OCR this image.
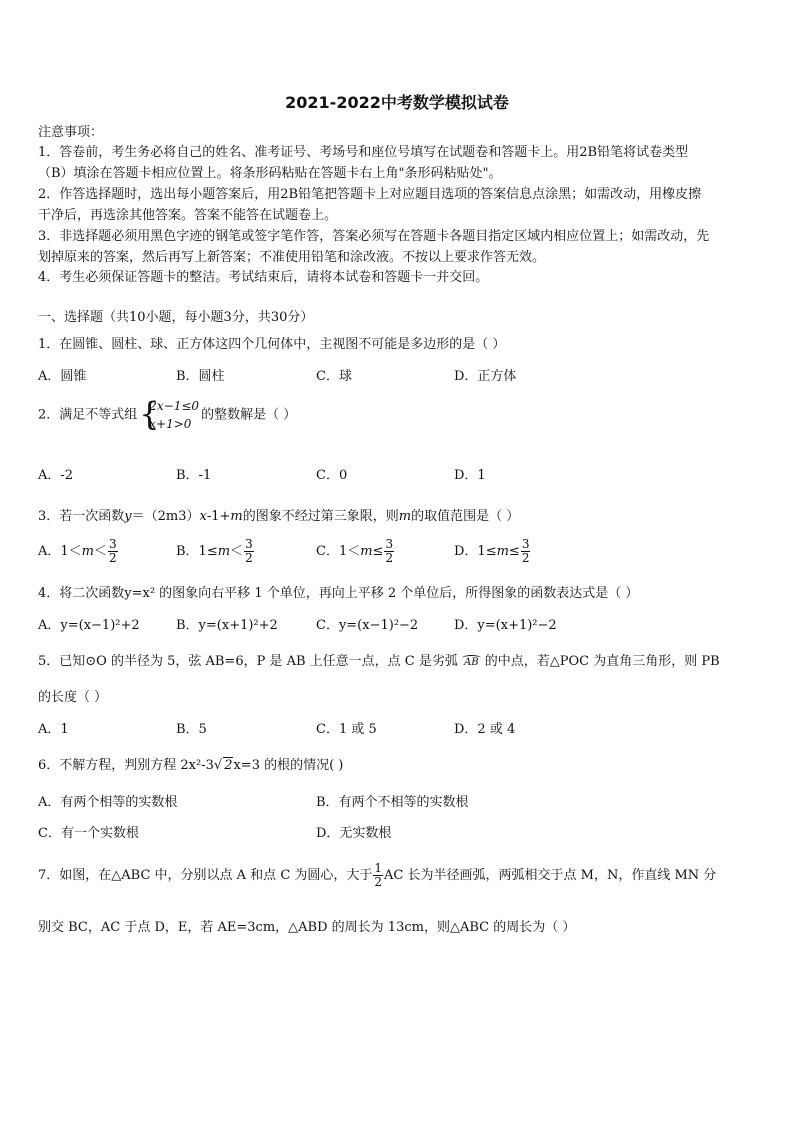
2021-2022中考数学模拟试卷
注意事项：
1．答卷前，考生务必将自己的姓名、准考证号、考场号和座位号填写在试题卷和答题卡上。用2B铅笔将试卷类型
（B）填涂在答题卡相应位置上。将条形码粘贴在答题卡右上角"条形码粘贴处"。
2．作答选择题时，选出每小题答案后，用2B铅笔把答题卡上对应题目选项的答案信息点涂黑；如需改动，用橡皮擦
干净后，再选涂其他答案。答案不能答在试题卷上。
3．非选择题必须用黑色字迹的钢笔或签字笔作答，答案必须写在答题卡各题目指定区域内相应位置上；如需改动，先
划掉原来的答案，然后再写上新答案；不准使用铅笔和涂改液。不按以上要求作答无效。
4．考生必须保证答题卡的整洁。考试结束后，请将本试卷和答题卡一并交回。
一、选择题（共10小题，每小题3分，共30分）
1．在圆锥、圆柱、球、正方体这四个几何体中，主视图不可能是多边形的是（ ）
A．圆锥	B．圆柱	C．球	D．正方体
2．满足不等式组 {
2x−1≤0
x+1>0
的整数解是（ ）
A．-2	B．-1	C．0	D．1
3．若一次函数y＝（2m3）x-1+m的图象不经过第三象限，则m的取值范围是（ ）
A．$1<m< \frac{3}{2}$	B．$1\le m< \frac{3}{2}$	C．$1<m\le \frac{3}{2}$	D．$1\le m\le \frac{3}{2}$
4．将二次函数y=x² 的图象向右平移 1 个单位，再向上平移 2 个单位后，所得图象的函数表达式是（ ）
A．y=(x−1)²+2	B．y=(x+1)²+2	C．y=(x−1)²−2	D．y=(x+1)²−2
5．已知⊙O 的半径为 5，弦 AB=6，P 是 AB 上任意一点，点 C 是劣弧 AB 的中点，若△POC 为直角三角形，则 PB
的长度（ ）
A．1	B．5	C．1 或 5	D．2 或 4
6．不解方程，判别方程 2x²-3√ 2x=3 的根的情况( )
A．有两个相等的实数根	B．有两个不相等的实数根
C．有一个实数根	D．无实数根
7．如图，在△ABC 中，分别以点 A 和点 C 为圆心，大于 $\frac{1}{2}$ AC 长为半径画弧，两弧相交于点 M，N，作直线 MN 分
别交 BC，AC 于点 D，E，若 AE=3cm，△ABD 的周长为 13cm，则△ABC 的周长为（ ）
